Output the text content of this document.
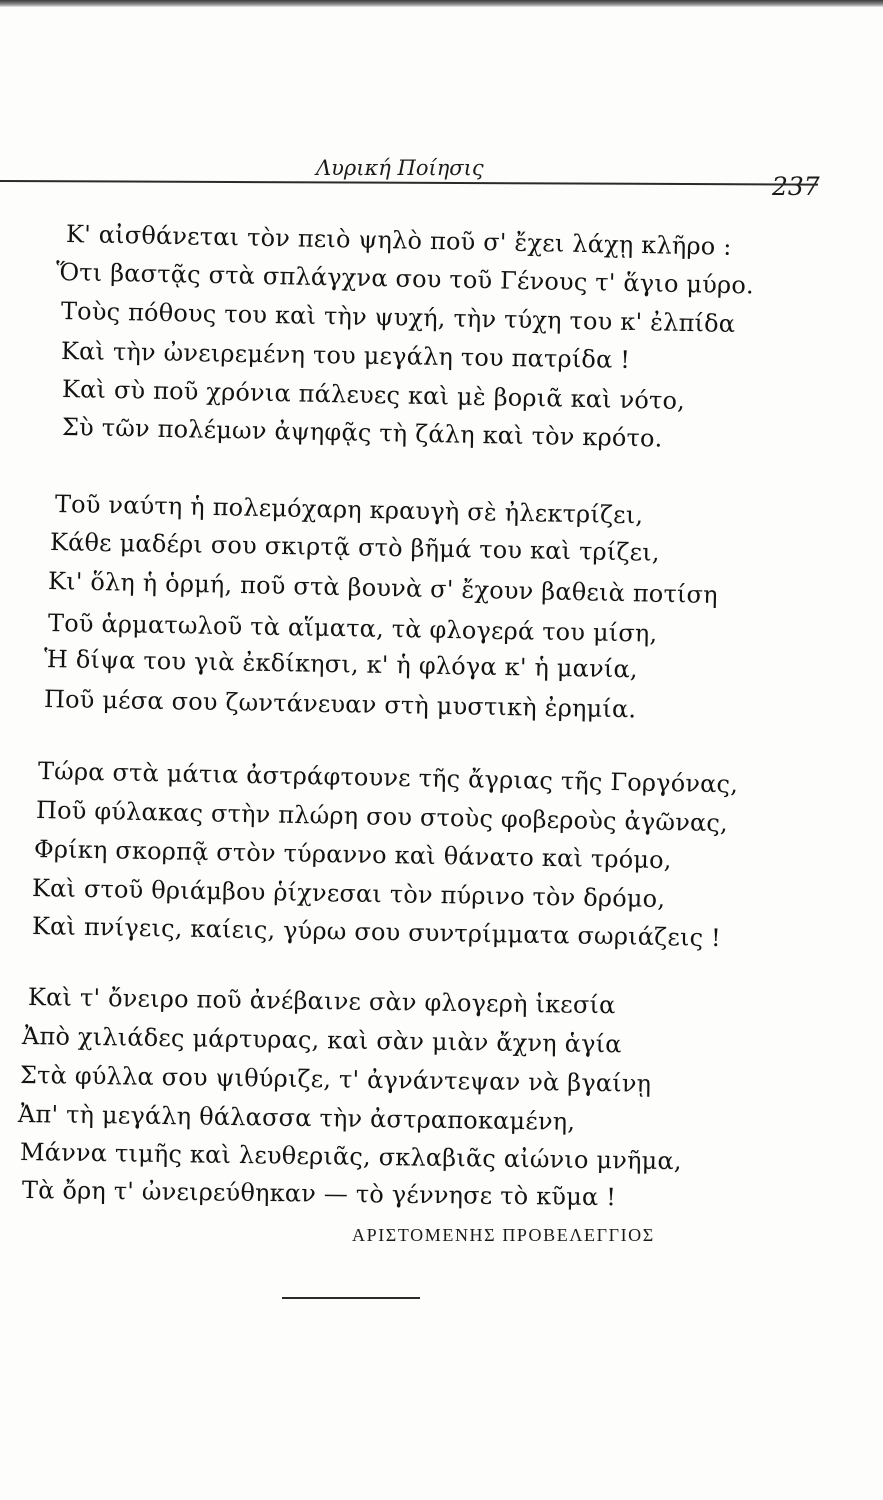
Λυρική Ποίησις
237
Κ' αἰσθάνεται τὸν πειὸ ψηλὸ ποῦ σ' ἔχει λάχῃ κλῆρο :
Ὅτι βαστᾷς στὰ σπλάγχνα σου τοῦ Γένους τ' ἅγιο μύρο.
Τοὺς πόθους του καὶ τὴν ψυχή, τὴν τύχη του κ' ἐλπίδα
Καὶ τὴν ὠνειρεμένη του μεγάλη του πατρίδα !
Καὶ σὺ ποῦ χρόνια πάλευες καὶ μὲ βοριᾶ καὶ νότο,
Σὺ τῶν πολέμων ἀψηφᾷς τὴ ζάλη καὶ τὸν κρότο.
Τοῦ ναύτη ἡ πολεμόχαρη κραυγὴ σὲ ἠλεκτρίζει,
Κάθε μαδέρι σου σκιρτᾷ στὸ βῆμά του καὶ τρίζει,
Κι' ὅλη ἡ ὁρμή, ποῦ στὰ βουνὰ σ' ἔχουν βαθειὰ ποτίση
Τοῦ ἁρματωλοῦ τὰ αἵματα, τὰ φλογερά του μίση,
Ἡ δίψα του γιὰ ἐκδίκησι, κ' ἡ φλόγα κ' ἡ μανία,
Ποῦ μέσα σου ζωντάνευαν στὴ μυστικὴ ἐρημία.
Τώρα στὰ μάτια ἀστράφτουνε τῆς ἄγριας τῆς Γοργόνας,
Ποῦ φύλακας στὴν πλώρη σου στοὺς φοβεροὺς ἀγῶνας,
Φρίκη σκορπᾷ στὸν τύραννο καὶ θάνατο καὶ τρόμο,
Καὶ στοῦ θριάμβου ῥίχνεσαι τὸν πύρινο τὸν δρόμο,
Καὶ πνίγεις, καίεις, γύρω σου συντρίμματα σωριάζεις !
Καὶ τ' ὄνειρο ποῦ ἀνέβαινε σὰν φλογερὴ ἱκεσία
Ἀπὸ χιλιάδες μάρτυρας, καὶ σὰν μιὰν ἄχνη ἁγία
Στὰ φύλλα σου ψιθύριζε, τ' ἀγνάντεψαν νὰ βγαίνῃ
Ἀπ' τὴ μεγάλη θάλασσα τὴν ἀστραποκαμένη,
Μάννα τιμῆς καὶ λευθεριᾶς, σκλαβιᾶς αἰώνιο μνῆμα,
Τὰ ὄρη τ' ὠνειρεύθηκαν — τὸ γέννησε τὸ κῦμα !
ΑΡΙΣΤΟΜΕΝΗΣ ΠΡΟΒΕΛΕΓΓΙΟΣ
